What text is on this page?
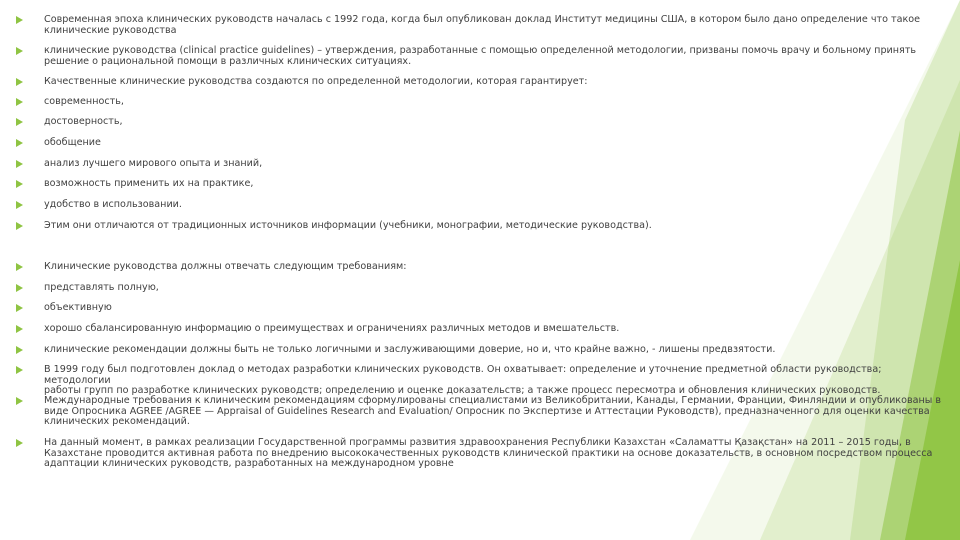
Современная эпоха клинических руководств началась с 1992 года, когда был опубликован доклад Институт медицины США, в котором было дано определение что такое
клинические руководства
клинические руководства (clinical practice guidelines) – утверждения, разработанные с помощью определенной методологии, призваны помочь врачу и больному принять
решение о рациональной помощи в различных клинических ситуациях.
Качественные клинические руководства создаются по определенной методологии, которая гарантирует:
современность,
достоверность,
обобщение
анализ лучшего мирового опыта и знаний,
возможность применить их на практике,
удобство в использовании.
Этим они отличаются от традиционных источников информации (учебники, монографии, методические руководства).
Клинические руководства должны отвечать следующим требованиям:
представлять полную,
объективную
хорошо сбалансированную информацию о преимуществах и ограничениях различных методов и вмешательств.
клинические рекомендации должны быть не только логичными и заслуживающими доверие, но и, что крайне важно, - лишены предвзятости.
В 1999 году был подготовлен доклад о методах разработки клинических руководств. Он охватывает: определение и уточнение предметной области руководства; методологии
работы групп по разработке клинических руководств; определению и оценке доказательств; а также процесс пересмотра и обновления клинических руководств.
Международные требования к клиническим рекомендациям сформулированы специалистами из Великобритании, Канады, Германии, Франции, Финляндии и опубликованы в
виде Опросника AGREE /AGREE — Appraisal of Guidelines Research and Evaluation/ Опросник по Экспертизе и Аттестации Руководств), предназначенного для оценки качества
клинических рекомендаций.
На данный момент, в рамках реализации Государственной программы развития здравоохранения Республики Казахстан «Саламатты Қазақстан» на 2011 – 2015 годы, в
Казахстане проводится активная работа по внедрению высококачественных руководств клинической практики на основе доказательств, в основном посредством процесса
адаптации клинических руководств, разработанных на международном уровне
